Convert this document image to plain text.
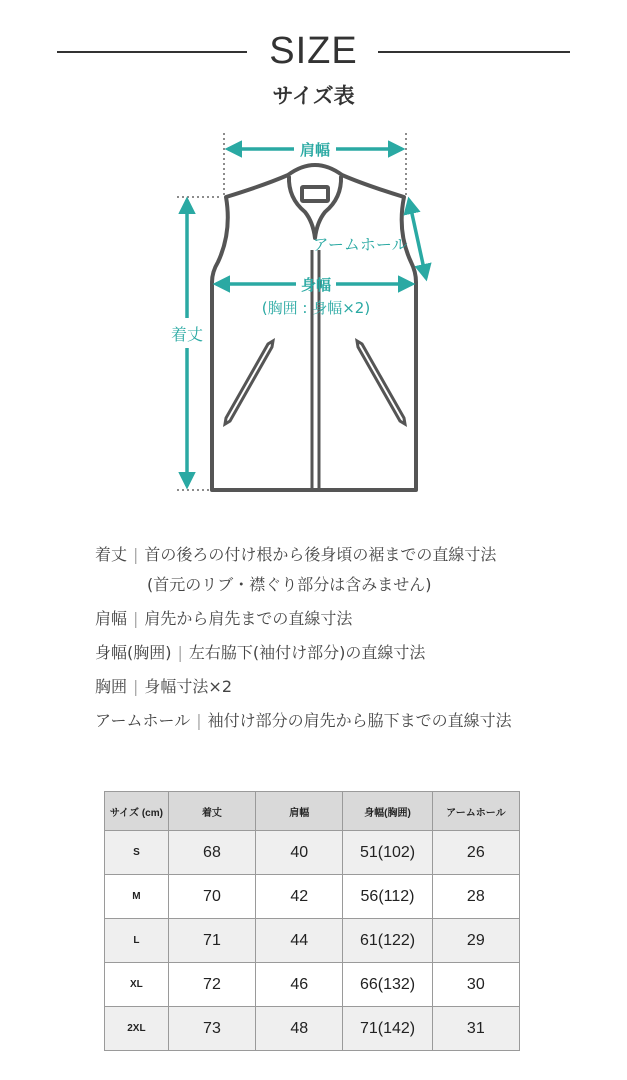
SIZE
サイズ表
肩幅
アームホール
身幅
(胸囲 : 身幅×2)
着丈
着丈 | 首の後ろの付け根から後身頃の裾までの直線寸法
(首元のリブ・襟ぐり部分は含みません)
肩幅 | 肩先から肩先までの直線寸法
身幅(胸囲) | 左右脇下(袖付け部分)の直線寸法
胸囲 | 身幅寸法×2
アームホール | 袖付け部分の肩先から脇下までの直線寸法
サイズ (cm)	着丈	肩幅	身幅(胸囲)	アームホール
S	68	40	51(102)	26
M	70	42	56(112)	28
L	71	44	61(122)	29
XL	72	46	66(132)	30
2XL	73	48	71(142)	31
